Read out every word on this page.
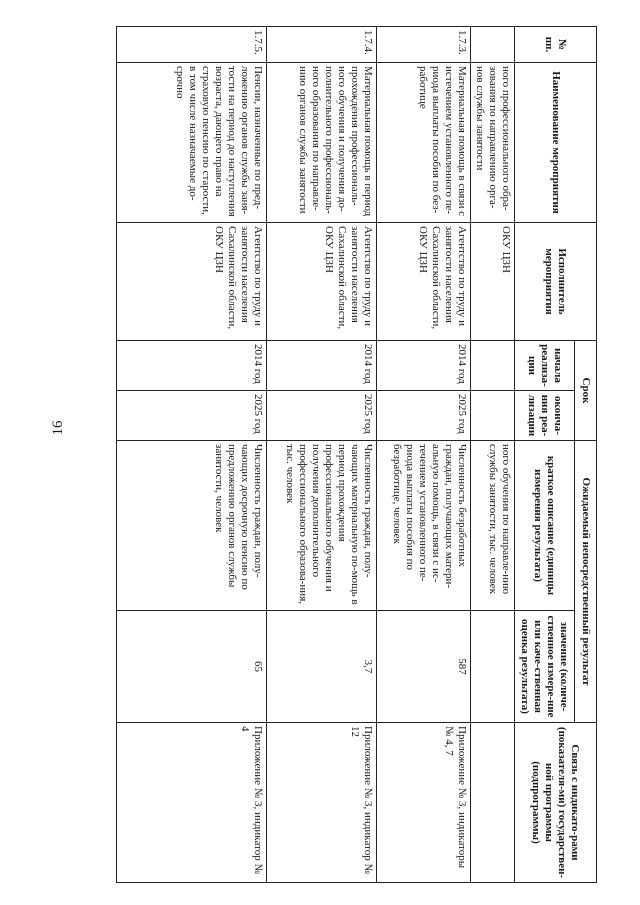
16
№ пп.	Наименование мероприятия	Исполнитель мероприятия	Срок		Ожидаемый непосредственный результат		Связь с индикато-рами (показателя-ми) государствен-ной программы (подпрограммы)
			начала реализа-ции	оконча-ния реа-лизации	краткое описание (единицы измерения результата)	значение (количе-ственное измере-ние или каче-ственная оценка результата)	
	ного профессионального обра-зования по направлению орга-нов службы занятости	ОКУ ЦЗН			ного обучения по направле-нию службы занятости, тыс. человек		
1.7.3.	Материальная помощь в связи с истечением установленного пе-риода выплаты пособия по без-работице	Агентство по труду и занятости населения Сахалинской области, ОКУ ЦЗН	2014 год	2025 год	Численность безработных граждан, получающих матери-альную помощь, в связи с ис-течением установленного пе-риода выплаты пособия по безработице, человек	587	Приложение № 3, индикаторы № 4, 7
1.7.4.	Материальная помощь в период прохождения профессиональ-ного обучения и получения до-полнительного профессиональ-ного образования по направле-нию органов службы занятости	Агентство по труду и занятости населения Сахалинской области, ОКУ ЦЗН	2014 год	2025 год	Численность граждан, полу-чающих материальную по-мощь в период прохождения профессионального обучения и получения дополнительного профессионального образова-ния, тыс. человек	3,7	Приложение № 3, индикатор № 12
1.7.5.	Пенсии, назначенные по пред-ложению органов службы заня-тости на период до наступления возраста, дающего право на страховую пенсию по старости, в том числе назначаемые до-срочно	Агентство по труду и занятости населения Сахалинской области, ОКУ ЦЗН	2014 год	2025 год	Численность граждан, полу-чающих досрочную пенсию по предложению органов службы занятости, человек	65	Приложение № 3, индикатор № 4
